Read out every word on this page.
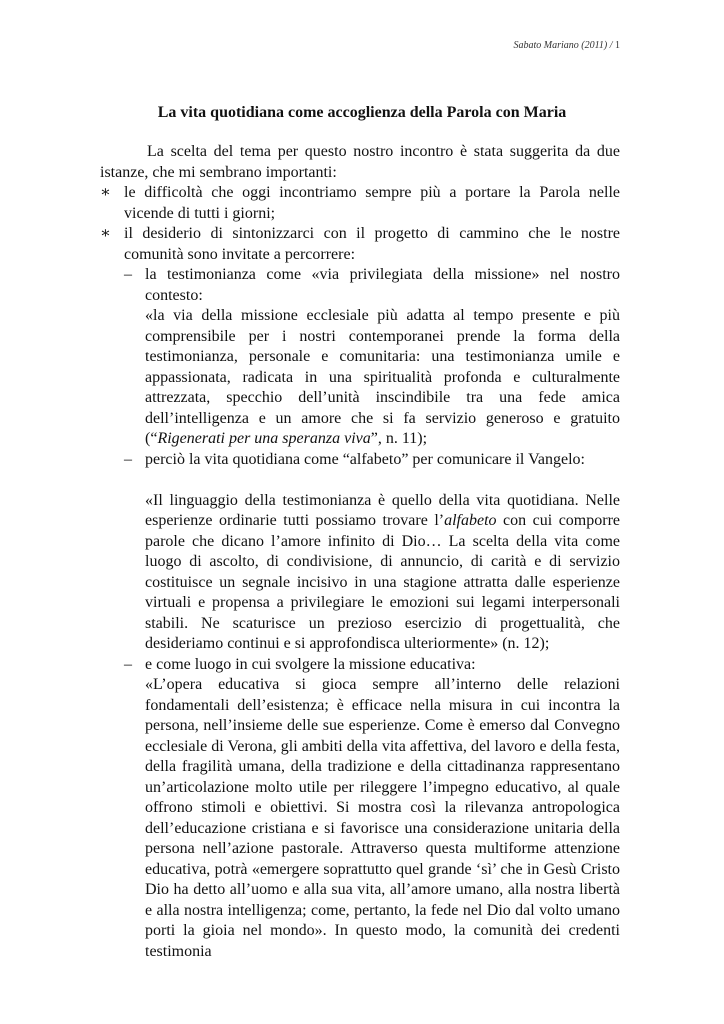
Sabato Mariano (2011) / 1
La vita quotidiana come accoglienza della Parola con Maria

La scelta del tema per questo nostro incontro è stata suggerita da due istanze, che mi sembrano importanti:

∗ le difficoltà che oggi incontriamo sempre più a portare la Parola nelle vicende di tutti i giorni;

∗ il desiderio di sintonizzarci con il progetto di cammino che le nostre comunità sono invitate a percorrere:

– la testimonianza come «via privilegiata della missione» nel nostro contesto:

«la via della missione ecclesiale più adatta al tempo presente e più comprensibile per i nostri contemporanei prende la forma della testimonianza, personale e comunitaria: una testimonianza umile e appassionata, radicata in una spiritualità profonda e culturalmente attrezzata, specchio dell’unità inscindibile tra una fede amica dell’intelligenza e un amore che si fa servizio generoso e gratuito (“Rigenerati per una speranza viva”, n. 11);

– perciò la vita quotidiana come “alfabeto” per comunicare il Vangelo:

«Il linguaggio della testimonianza è quello della vita quotidiana. Nelle esperienze ordinarie tutti possiamo trovare l’alfabeto con cui comporre parole che dicano l’amore infinito di Dio… La scelta della vita come luogo di ascolto, di condivisione, di annuncio, di carità e di servizio costituisce un segnale incisivo in una stagione attratta dalle esperienze virtuali e propensa a privilegiare le emozioni sui legami interpersonali stabili. Ne scaturisce un prezioso esercizio di progettualità, che desideriamo continui e si approfondisca ulteriormente» (n. 12);

– e come luogo in cui svolgere la missione educativa:

«L’opera educativa si gioca sempre all’interno delle relazioni fondamentali dell’esistenza; è efficace nella misura in cui incontra la persona, nell’insieme delle sue esperienze. Come è emerso dal Convegno ecclesiale di Verona, gli ambiti della vita affettiva, del lavoro e della festa, della fragilità umana, della tradizione e della cittadinanza rappresentano un’articolazione molto utile per rileggere l’impegno educativo, al quale offrono stimoli e obiettivi. Si mostra così la rilevanza antropologica dell’educazione cristiana e si favorisce una considerazione unitaria della persona nell’azione pastorale. Attraverso questa multiforme attenzione educativa, potrà «emergere soprattutto quel grande ‘sì’ che in Gesù Cristo Dio ha detto all’uomo e alla sua vita, all’amore umano, alla nostra libertà e alla nostra intelligenza; come, pertanto, la fede nel Dio dal volto umano porti la gioia nel mondo». In questo modo, la comunità dei credenti testimonia
